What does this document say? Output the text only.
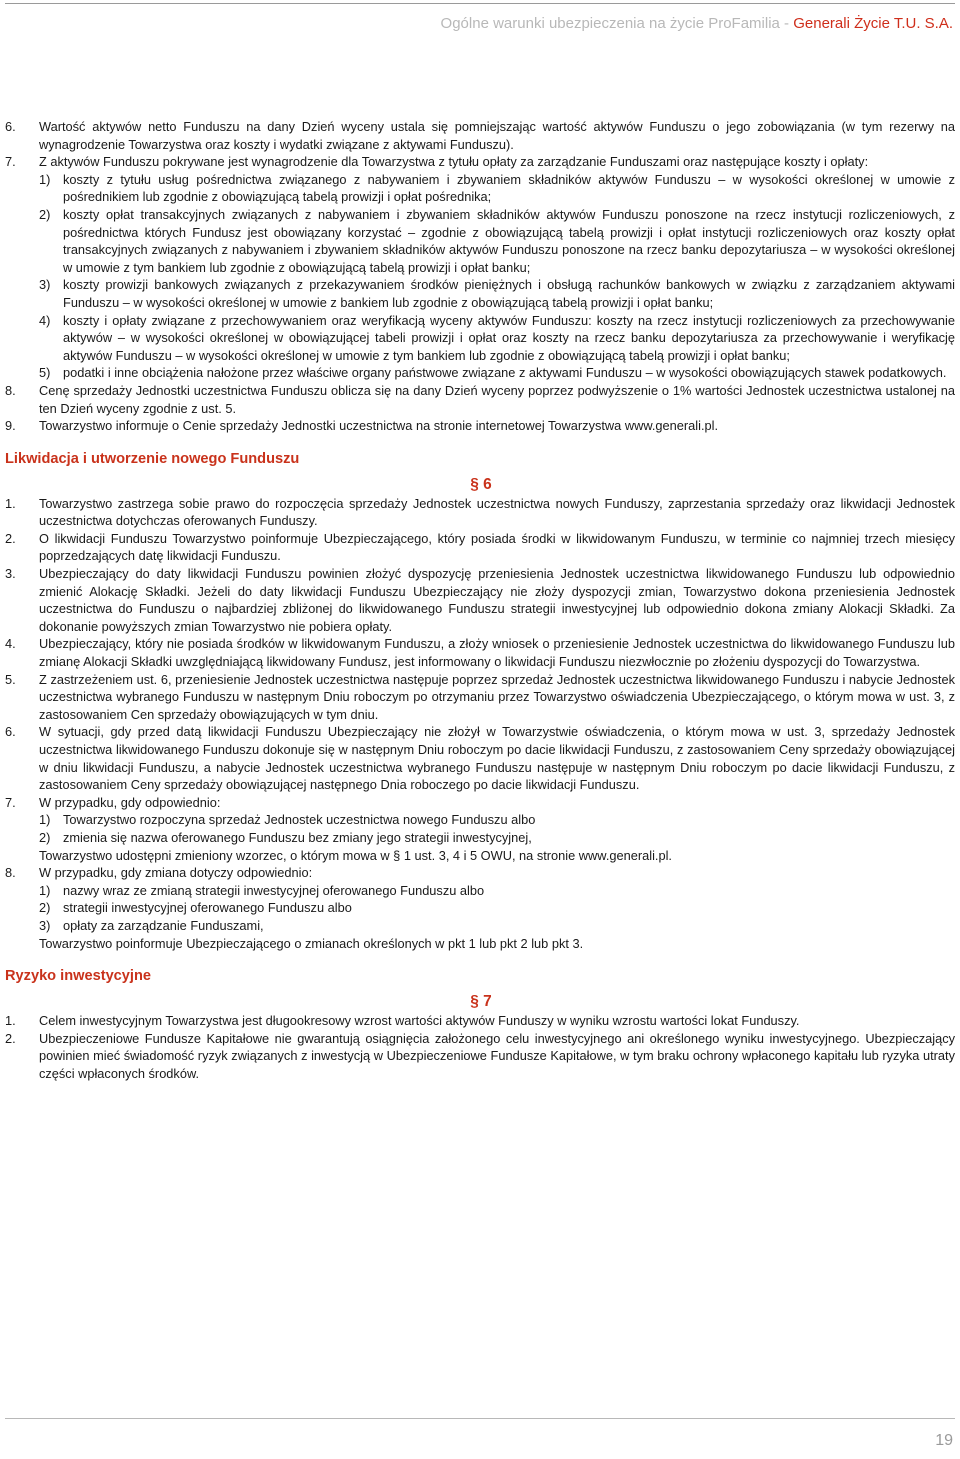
Ogólne warunki ubezpieczenia na życie ProFamilia - Generali Życie T.U. S.A.
6.	Wartość aktywów netto Funduszu na dany Dzień wyceny ustala się pomniejszając wartość aktywów Funduszu o jego zobowiązania (w tym rezerwy na wynagrodzenie Towarzystwa oraz koszty i wydatki związane z aktywami Funduszu).
7.	Z aktywów Funduszu pokrywane jest wynagrodzenie dla Towarzystwa z tytułu opłaty za zarządzanie Funduszami oraz następujące koszty i opłaty:
1) koszty z tytułu usług pośrednictwa związanego z nabywaniem i zbywaniem składników aktywów Funduszu – w wysokości określonej w umowie z pośrednikiem lub zgodnie z obowiązującą tabelą prowizji i opłat pośrednika;
2) koszty opłat transakcyjnych związanych z nabywaniem i zbywaniem składników aktywów Funduszu ponoszone na rzecz instytucji rozliczeniowych, z pośrednictwa których Fundusz jest obowiązany korzystać – zgodnie z obowiązującą tabelą prowizji i opłat instytucji rozliczeniowych oraz koszty opłat transakcyjnych związanych z nabywaniem i zbywaniem składników aktywów Funduszu ponoszone na rzecz banku depozytariusza – w wysokości określonej w umowie z tym bankiem lub zgodnie z obowiązującą tabelą prowizji i opłat banku;
3) koszty prowizji bankowych związanych z przekazywaniem środków pieniężnych i obsługą rachunków bankowych w związku z zarządzaniem aktywami Funduszu – w wysokości określonej w umowie z bankiem lub zgodnie z obowiązującą tabelą prowizji i opłat banku;
4) koszty i opłaty związane z przechowywaniem oraz weryfikacją wyceny aktywów Funduszu: koszty na rzecz instytucji rozliczeniowych za przechowywanie aktywów – w wysokości określonej w obowiązującej tabeli prowizji i opłat oraz koszty na rzecz banku depozytariusza za przechowywanie i weryfikację aktywów Funduszu – w wysokości określonej w umowie z tym bankiem lub zgodnie z obowiązującą tabelą prowizji i opłat banku;
5) podatki i inne obciążenia nałożone przez właściwe organy państwowe związane z aktywami Funduszu – w wysokości obowiązujących stawek podatkowych.
8.	Cenę sprzedaży Jednostki uczestnictwa Funduszu oblicza się na dany Dzień wyceny poprzez podwyższenie o 1% wartości Jednostek uczestnictwa ustalonej na ten Dzień wyceny zgodnie z ust. 5.
9.	Towarzystwo informuje o Cenie sprzedaży Jednostki uczestnictwa na stronie internetowej Towarzystwa www.generali.pl.
Likwidacja i utworzenie nowego Funduszu
§ 6
1.	Towarzystwo zastrzega sobie prawo do rozpoczęcia sprzedaży Jednostek uczestnictwa nowych Funduszy, zaprzestania sprzedaży oraz likwidacji Jednostek uczestnictwa dotychczas oferowanych Funduszy.
2.	O likwidacji Funduszu Towarzystwo poinformuje Ubezpieczającego, który posiada środki w likwidowanym Funduszu, w terminie co najmniej trzech miesięcy poprzedzających datę likwidacji Funduszu.
3.	Ubezpieczający do daty likwidacji Funduszu powinien złożyć dyspozycję przeniesienia Jednostek uczestnictwa likwidowanego Funduszu lub odpowiednio zmienić Alokację Składki. Jeżeli do daty likwidacji Funduszu Ubezpieczający nie złoży dyspozycji zmian, Towarzystwo dokona przeniesienia Jednostek uczestnictwa do Funduszu o najbardziej zbliżonej do likwidowanego Funduszu strategii inwestycyjnej lub odpowiednio dokona zmiany Alokacji Składki. Za dokonanie powyższych zmian Towarzystwo nie pobiera opłaty.
4.	Ubezpieczający, który nie posiada środków w likwidowanym Funduszu, a złoży wniosek o przeniesienie Jednostek uczestnictwa do likwidowanego Funduszu lub zmianę Alokacji Składki uwzględniającą likwidowany Fundusz, jest informowany o likwidacji Funduszu niezwłocznie po złożeniu dyspozycji do Towarzystwa.
5.	Z zastrzeżeniem ust. 6, przeniesienie Jednostek uczestnictwa następuje poprzez sprzedaż Jednostek uczestnictwa likwidowanego Funduszu i nabycie Jednostek uczestnictwa wybranego Funduszu w następnym Dniu roboczym po otrzymaniu przez Towarzystwo oświadczenia Ubezpieczającego, o którym mowa w ust. 3, z zastosowaniem Cen sprzedaży obowiązujących w tym dniu.
6.	W sytuacji, gdy przed datą likwidacji Funduszu Ubezpieczający nie złożył w Towarzystwie oświadczenia, o którym mowa w ust. 3, sprzedaży Jednostek uczestnictwa likwidowanego Funduszu dokonuje się w następnym Dniu roboczym po dacie likwidacji Funduszu, z zastosowaniem Ceny sprzedaży obowiązującej w dniu likwidacji Funduszu, a nabycie Jednostek uczestnictwa wybranego Funduszu następuje w następnym Dniu roboczym po dacie likwidacji Funduszu, z zastosowaniem Ceny sprzedaży obowiązującej następnego Dnia roboczego po dacie likwidacji Funduszu.
7.	W przypadku, gdy odpowiednio:
1) Towarzystwo rozpoczyna sprzedaż Jednostek uczestnictwa nowego Funduszu albo
2) zmienia się nazwa oferowanego Funduszu bez zmiany jego strategii inwestycyjnej,
Towarzystwo udostępni zmieniony wzorzec, o którym mowa w § 1 ust. 3, 4 i 5 OWU, na stronie www.generali.pl.
8.	W przypadku, gdy zmiana dotyczy odpowiednio:
1) nazwy wraz ze zmianą strategii inwestycyjnej oferowanego Funduszu albo
2) strategii inwestycyjnej oferowanego Funduszu albo
3) opłaty za zarządzanie Funduszami,
Towarzystwo poinformuje Ubezpieczającego o zmianach określonych w pkt 1 lub pkt 2 lub pkt 3.
Ryzyko inwestycyjne
§ 7
1.	Celem inwestycyjnym Towarzystwa jest długookresowy wzrost wartości aktywów Funduszy w wyniku wzrostu wartości lokat Funduszy.
2.	Ubezpieczeniowe Fundusze Kapitałowe nie gwarantują osiągnięcia założonego celu inwestycyjnego ani określonego wyniku inwestycyjnego. Ubezpieczający powinien mieć świadomość ryzyk związanych z inwestycją w Ubezpieczeniowe Fundusze Kapitałowe, w tym braku ochrony wpłaconego kapitału lub ryzyka utraty części wpłaconych środków.
19
